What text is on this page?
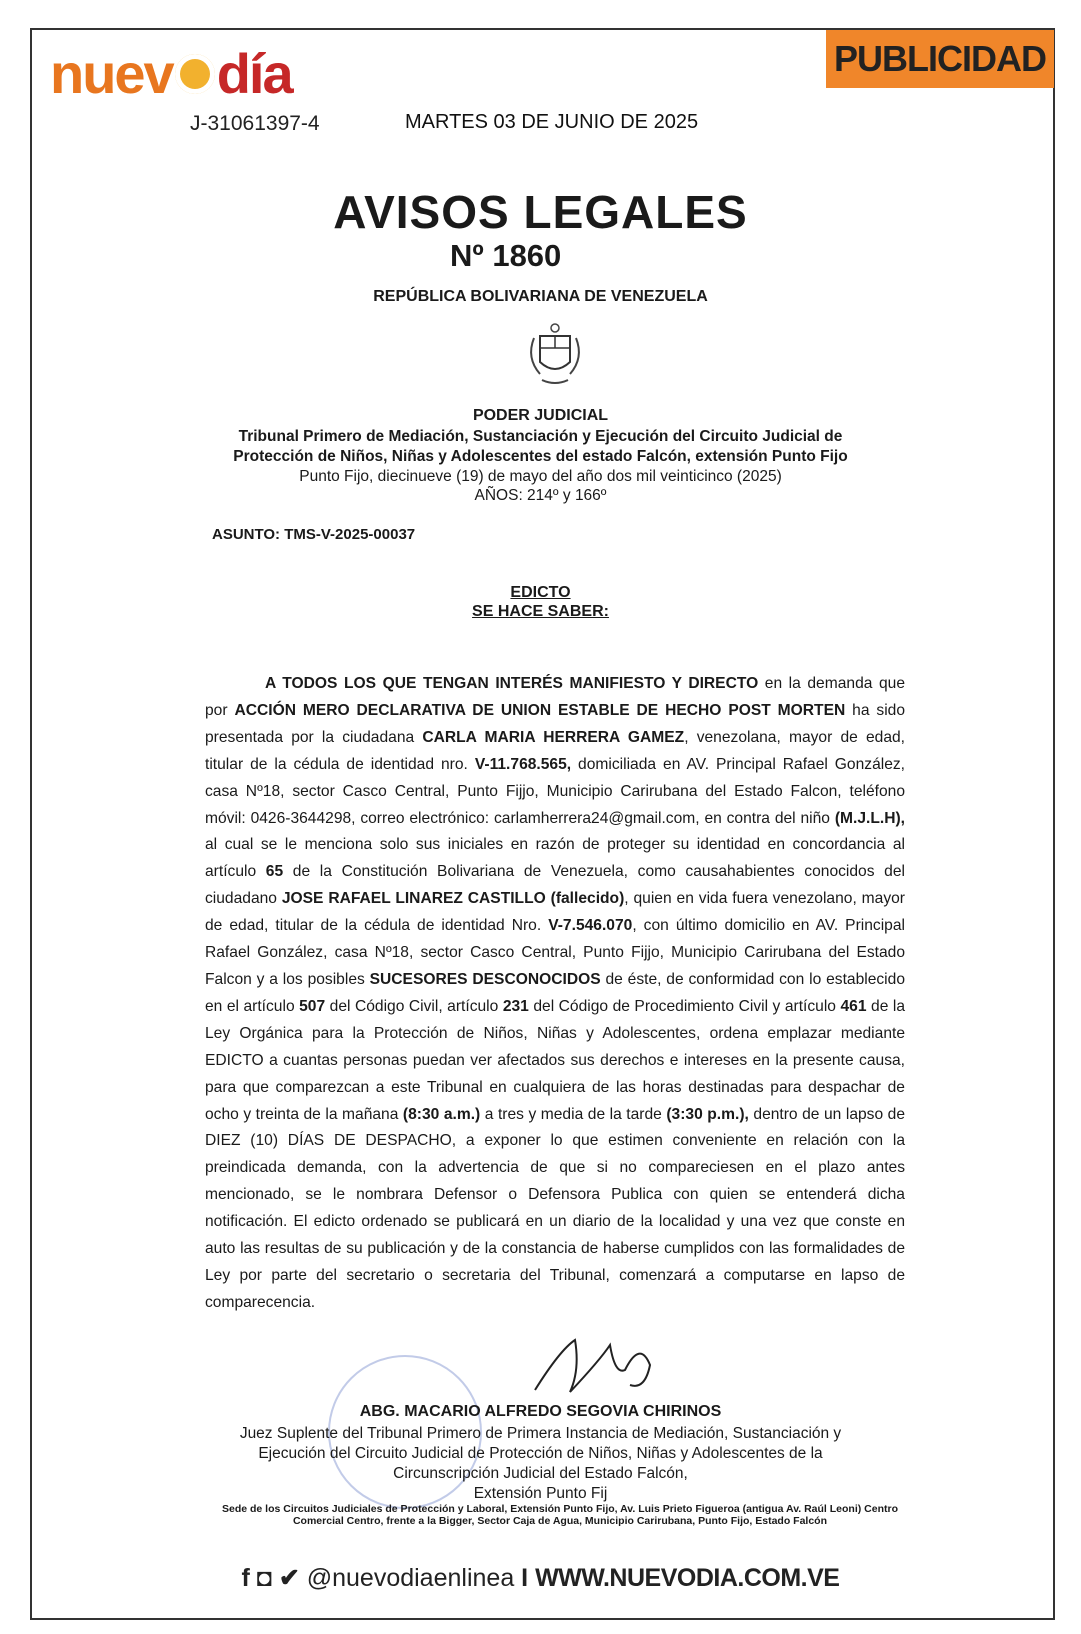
nuev día
J-31061397-4	MARTES 03 DE JUNIO DE 2025
PUBLICIDAD
AVISOS LEGALES
Nº 1860
REPÚBLICA BOLIVARIANA DE VENEZUELA
PODER JUDICIAL
Tribunal Primero de Mediación, Sustanciación y Ejecución del Circuito Judicial de
Protección de Niños, Niñas y Adolescentes del estado Falcón, extensión Punto Fijo
Punto Fijo, diecinueve (19) de mayo del año dos mil veinticinco (2025)
AÑOS: 214º y 166º
ASUNTO: TMS-V-2025-00037
EDICTO
SE HACE SABER:

A TODOS LOS QUE TENGAN INTERÉS MANIFIESTO Y DIRECTO en la demanda que por ACCIÓN MERO DECLARATIVA DE UNION ESTABLE DE HECHO POST MORTEN ha sido presentada por la ciudadana CARLA MARIA HERRERA GAMEZ, venezolana, mayor de edad, titular de la cédula de identidad nro. V-11.768.565, domiciliada en AV. Principal Rafael González, casa Nº18, sector Casco Central, Punto Fijjo, Municipio Carirubana del Estado Falcon, teléfono móvil: 0426-3644298, correo electrónico: carlamherrera24@gmail.com, en contra del niño (M.J.L.H), al cual se le menciona solo sus iniciales en razón de proteger su identidad en concordancia al artículo 65 de la Constitución Bolivariana de Venezuela, como causahabientes conocidos del ciudadano JOSE RAFAEL LINAREZ CASTILLO (fallecido), quien en vida fuera venezolano, mayor de edad, titular de la cédula de identidad Nro. V-7.546.070, con último domicilio en AV. Principal Rafael González, casa Nº18, sector Casco Central, Punto Fijjo, Municipio Carirubana del Estado Falcon y a los posibles SUCESORES DESCONOCIDOS de éste, de conformidad con lo establecido en el artículo 507 del Código Civil, artículo 231 del Código de Procedimiento Civil y artículo 461 de la Ley Orgánica para la Protección de Niños, Niñas y Adolescentes, ordena emplazar mediante EDICTO a cuantas personas puedan ver afectados sus derechos e intereses en la presente causa, para que comparezcan a este Tribunal en cualquiera de las horas destinadas para despachar de ocho y treinta de la mañana (8:30 a.m.) a tres y media de la tarde (3:30 p.m.), dentro de un lapso de DIEZ (10) DÍAS DE DESPACHO, a exponer lo que estimen conveniente en relación con la preindicada demanda, con la advertencia de que si no compareciesen en el plazo antes mencionado, se le nombrara Defensor o Defensora Publica con quien se entenderá dicha notificación. El edicto ordenado se publicará en un diario de la localidad y una vez que conste en auto las resultas de su publicación y de la constancia de haberse cumplidos con las formalidades de Ley por parte del secretario o secretaria del Tribunal, comenzará a computarse en lapso de comparecencia.

ABG. MACARIO ALFREDO SEGOVIA CHIRINOS
Juez Suplente del Tribunal Primero de Primera Instancia de Mediación, Sustanciación y
Ejecución del Circuito Judicial de Protección de Niños, Niñas y Adolescentes de la
Circunscripción Judicial del Estado Falcón,
Extensión Punto Fij
Sede de los Circuitos Judiciales de Protección y Laboral, Extensión Punto Fijo, Av. Luis Prieto Figueroa (antigua Av. Raúl Leoni) Centro Comercial Centro, frente a la Bigger, Sector Caja de Agua, Municipio Carirubana, Punto Fijo, Estado Falcón
f ◘ ✔ @nuevodiaenlinea I WWW.NUEVODIA.COM.VE
